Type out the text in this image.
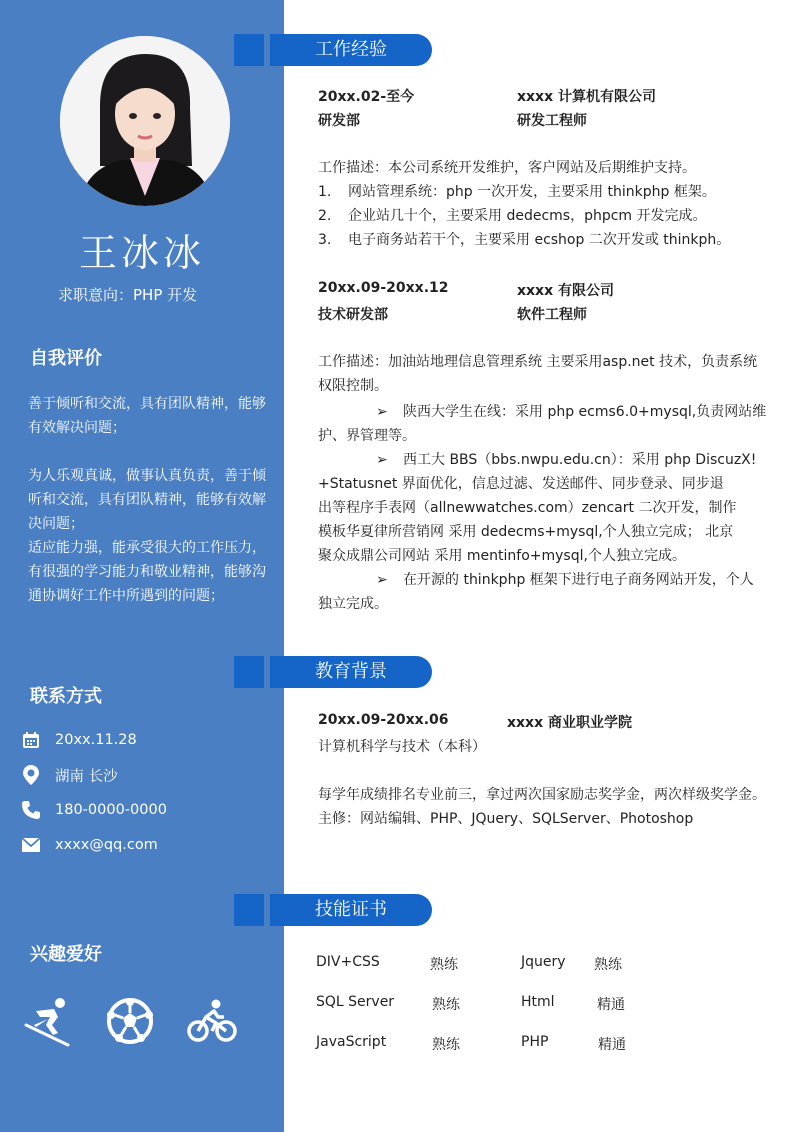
王冰冰
求职意向：PHP 开发
自我评价

善于倾听和交流，具有团队精神，能够有效解决问题；

为人乐观真诚，做事认真负责，善于倾听和交流，具有团队精神，能够有效解决问题；

适应能力强，能承受很大的工作压力，有很强的学习能力和敬业精神，能够沟通协调好工作中所遇到的问题；

联系方式
20xx.11.28
湖南 长沙
180-0000-0000
xxxx@qq.com
兴趣爱好
工作经验
20xx.02-至今	xxxx 计算机有限公司
研发部	研发工程师
工作描述：本公司系统开发维护，客户网站及后期维护支持。
1. 网站管理系统：php 一次开发，主要采用 thinkphp 框架。
2. 企业站几十个，主要采用 dedecms，phpcm 开发完成。
3. 电子商务站若干个，主要采用 ecshop 二次开发或 thinkph。
20xx.09-20xx.12	xxxx 有限公司
技术研发部	软件工程师
工作描述：加油站地理信息管理系统 主要采用asp.net 技术，负责系统
权限控制。
➢ 陕西大学生在线：采用 php ecms6.0+mysql,负责网站维
护、界管理等。
➢ 西工大 BBS（bbs.nwpu.edu.cn）：采用 php DiscuzX!
+Statusnet 界面优化，信息过滤、发送邮件、同步登录、同步退
出等程序手表网（allnewwatches.com）zencart 二次开发，制作
模板华夏律所营销网 采用 dedecms+mysql,个人独立完成； 北京
聚众成鼎公司网站 采用 mentinfo+mysql,个人独立完成。
➢ 在开源的 thinkphp 框架下进行电子商务网站开发，个人
独立完成。
教育背景
20xx.09-20xx.06	xxxx 商业职业学院
计算机科学与技术（本科）
每学年成绩排名专业前三，拿过两次国家励志奖学金，两次样级奖学金。
主修：网站编辑、PHP、JQuery、SQLServer、Photoshop
技能证书
DIV+CSS	熟练	Jquery 熟练
SQL Server	熟练	Html	精通
JavaScript	熟练	PHP	精通
